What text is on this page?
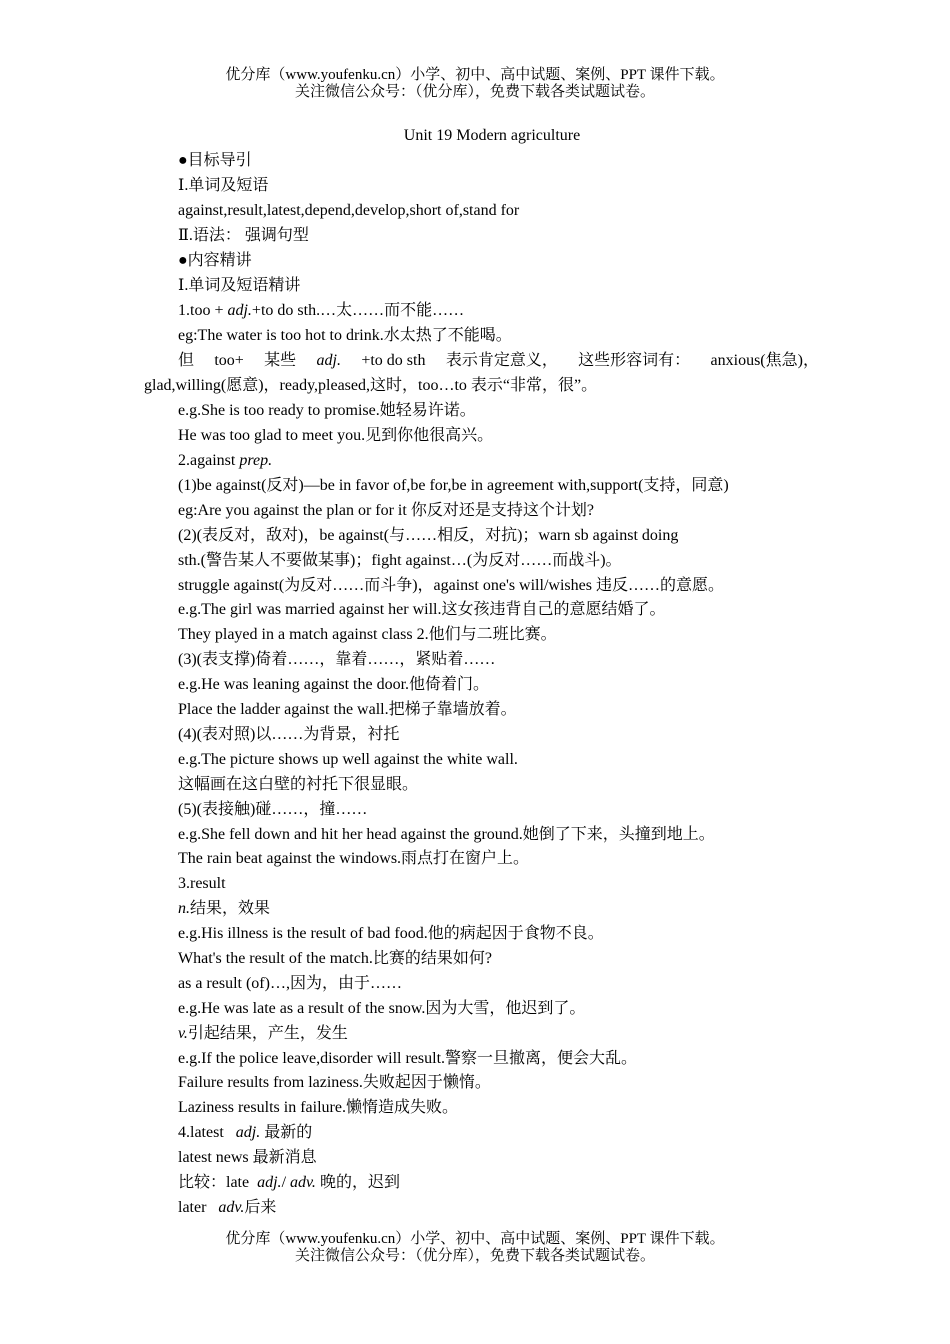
优分库（www.youfenku.cn）小学、初中、高中试题、案例、PPT 课件下载。
关注微信公众号：（优分库），免费下载各类试题试卷。
Unit 19 Modern agriculture
●目标导引
Ⅰ.单词及短语
against,result,latest,depend,develop,short of,stand for
Ⅱ.语法： 强调句型
●内容精讲
Ⅰ.单词及短语精讲
1.too + adj.+to do sth.…太……而不能……
eg:The water is too hot to drink.水太热了不能喝。
但 too+ 某些 adj. +to do sth 表示肯定意义， 这些形容词有： anxious(焦急)，
glad,willing(愿意)，ready,pleased,这时，too…to 表示“非常，很”。
e.g.She is too ready to promise.她轻易许诺。
He was too glad to meet you.见到你他很高兴。
2.against prep.
(1)be against(反对)—be in favor of,be for,be in agreement with,support(支持，同意)
eg:Are you against the plan or for it 你反对还是支持这个计划?
(2)(表反对，敌对)，be against(与……相反，对抗)；warn sb against doing
sth.(警告某人不要做某事)；fight against…(为反对……而战斗)。
struggle against(为反对……而斗争)，against one's will/wishes 违反……的意愿。
e.g.The girl was married against her will.这女孩违背自己的意愿结婚了。
They played in a match against class 2.他们与二班比赛。
(3)(表支撑)倚着……，靠着……，紧贴着……
e.g.He was leaning against the door.他倚着门。
Place the ladder against the wall.把梯子靠墙放着。
(4)(表对照)以……为背景，衬托
e.g.The picture shows up well against the white wall.
这幅画在这白壁的衬托下很显眼。
(5)(表接触)碰……，撞……
e.g.She fell down and hit her head against the ground.她倒了下来，头撞到地上。
The rain beat against the windows.雨点打在窗户上。
3.result
n.结果，效果
e.g.His illness is the result of bad food.他的病起因于食物不良。
What's the result of the match.比赛的结果如何?
as a result (of)…,因为，由于……
e.g.He was late as a result of the snow.因为大雪，他迟到了。
v.引起结果，产生，发生
e.g.If the police leave,disorder will result.警察一旦撤离，便会大乱。
Failure results from laziness.失败起因于懒惰。
Laziness results in failure.懒惰造成失败。
4.latest   adj. 最新的
latest news 最新消息
比较：late  adj./ adv. 晚的，迟到
later   adv.后来
优分库（www.youfenku.cn）小学、初中、高中试题、案例、PPT 课件下载。
关注微信公众号：（优分库），免费下载各类试题试卷。
